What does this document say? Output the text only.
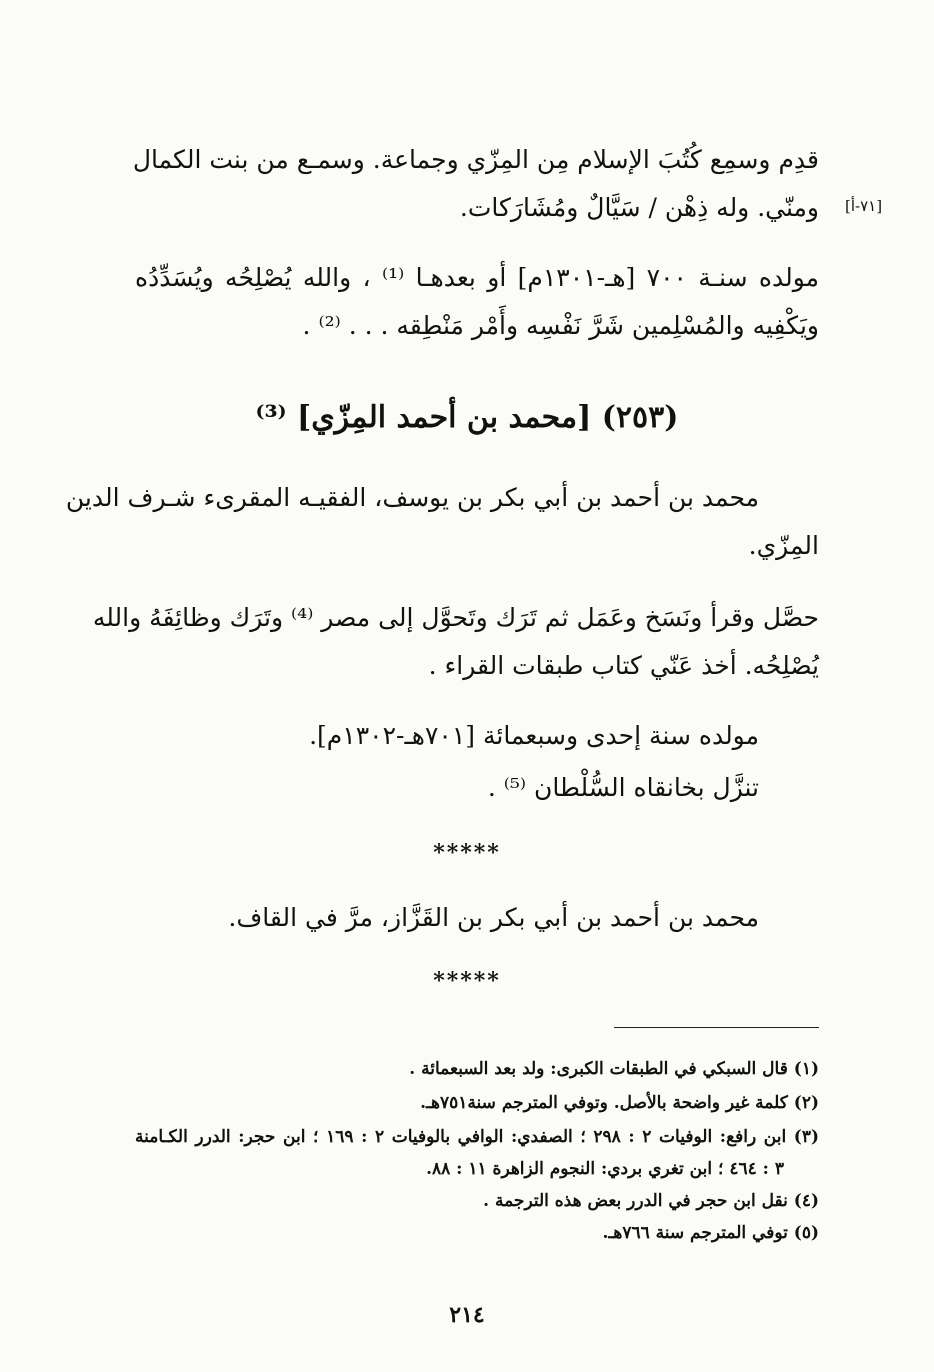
[٧١-أ]
قدِم وسمِع كُتُبَ الإسلام مِن المِزّي وجماعة. وسمـع من بنت الكمال
ومنّي. وله ذِهْن / سَيَّالٌ ومُشَارَكات.
مولده سنـة ٧٠٠ [هـ-١٣٠١م] أو بعدهـا ⁽¹⁾ ، والله يُصْلِحُه ويُسَدِّدُه
ويَكْفِيه والمُسْلِمين شَرَّ نَفْسِه وأَمْر مَنْطِقه . . . ⁽²⁾ .
(٢٥٣) [محمد بن أحمد المِزّي] ⁽³⁾
محمد بن أحمد بن أبي بكر بن يوسف، الفقيـه المقرىء شـرف الدين
المِزّي.
حصَّل وقرأ ونَسَخ وعَمَل ثم تَرَك وتَحوَّل إلى مصر ⁽⁴⁾ وتَرَك وظائِفَهُ والله
يُصْلِحُه. أخذ عَنّي كتاب طبقات القراء .
مولده سنة إحدى وسبعمائة [٧٠١هـ-١٣٠٢م].
تنزَّل بخانقاه السُّلْطان ⁽⁵⁾ .
*****
محمد بن أحمد بن أبي بكر بن القَزَّاز، مرَّ في القاف.
*****
(١) قال السبكي في الطبقات الكبرى: ولد بعد السبعمائة .
(٢) كلمة غير واضحة بالأصل. وتوفي المترجم سنة٧٥١هـ.
(٣) ابن رافع: الوفيات ٢ : ٢٩٨ ؛ الصفدي: الوافي بالوفيات ٢ : ١٦٩ ؛ ابن حجر: الدرر الكـامنة
٣ : ٤٦٤ ؛ ابن تغري بردي: النجوم الزاهرة ١١ : ٨٨.
(٤) نقل ابن حجر في الدرر بعض هذه الترجمة .
(٥) توفي المترجم سنة ٧٦٦هـ.
٢١٤
